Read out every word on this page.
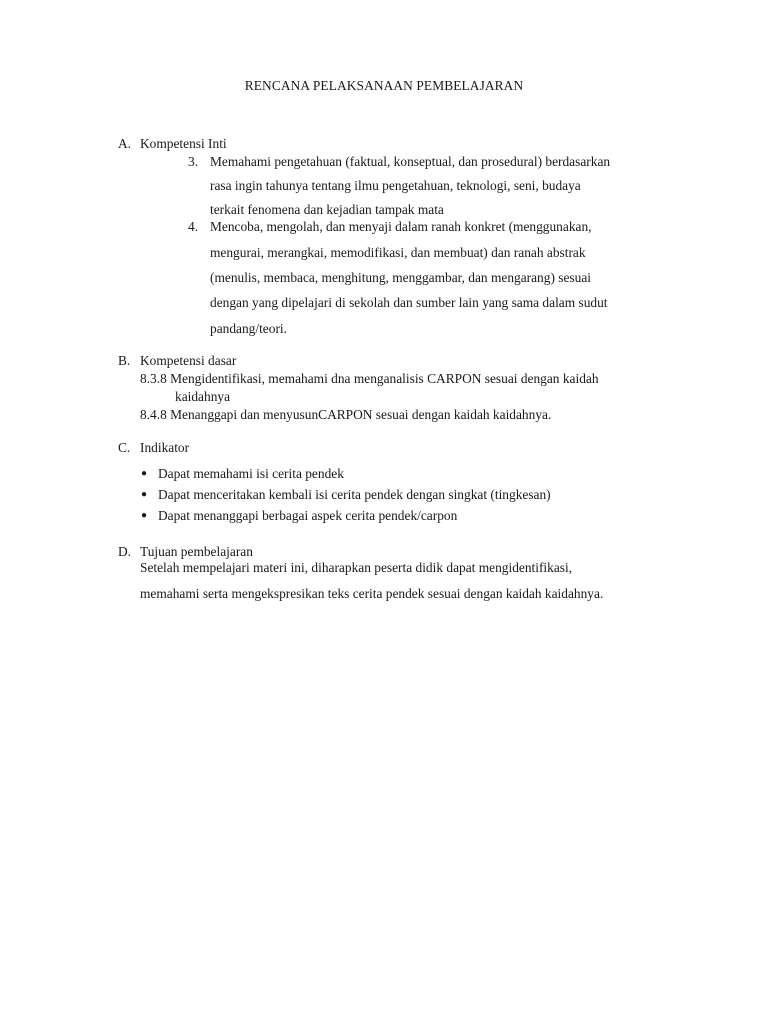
RENCANA PELAKSANAAN PEMBELAJARAN
A. Kompetensi Inti
3. Memahami pengetahuan (faktual, konseptual, dan prosedural) berdasarkan
rasa ingin tahunya tentang ilmu pengetahuan, teknologi, seni, budaya
terkait fenomena dan kejadian tampak mata
4. Mencoba, mengolah, dan menyaji dalam ranah konkret (menggunakan,
mengurai, merangkai, memodifikasi, dan membuat) dan ranah abstrak
(menulis, membaca, menghitung, menggambar, dan mengarang) sesuai
dengan yang dipelajari di sekolah dan sumber lain yang sama dalam sudut
pandang/teori.
B. Kompetensi dasar
8.3.8 Mengidentifikasi, memahami dna menganalisis CARPON sesuai dengan kaidah
kaidahnya
8.4.8 Menanggapi dan menyusunCARPON sesuai dengan kaidah kaidahnya.
C. Indikator
● Dapat memahami isi cerita pendek
● Dapat menceritakan kembali isi cerita pendek dengan singkat (tingkesan)
● Dapat menanggapi berbagai aspek cerita pendek/carpon
D. Tujuan pembelajaran
Setelah mempelajari materi ini, diharapkan peserta didik dapat mengidentifikasi,
memahami serta mengekspresikan teks cerita pendek sesuai dengan kaidah kaidahnya.
